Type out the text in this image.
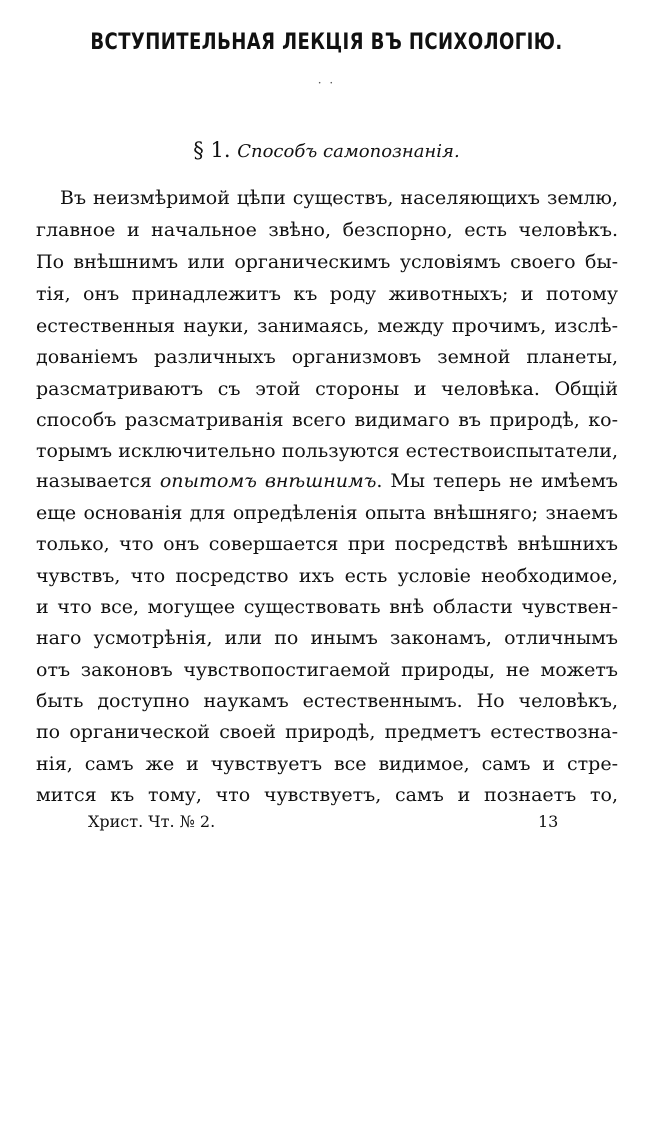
ВСТУПИТЕЛЬНАЯ ЛЕКЦІЯ ВЪ ПСИХОЛОГІЮ.
· ·
§ 1. Способъ самопознанія.
Въ неизмѣримой цѣпи существъ, населяющихъ землю,
главное и начальное звѣно, безспорно, есть человѣкъ.
По внѣшнимъ или органическимъ условіямъ своего бы-
тія, онъ принадлежитъ къ роду животныхъ; и потому
естественныя науки, занимаясь, между прочимъ, изслѣ-
дованіемъ различныхъ организмовъ земной планеты,
разсматриваютъ съ этой стороны и человѣка. Общій
способъ разсматриванія всего видимаго въ природѣ, ко-
торымъ исключительно пользуются естествоиспытатели,
называется опытомъ внѣшнимъ. Мы теперь не имѣемъ
еще основанія для опредѣленія опыта внѣшняго; знаемъ
только, что онъ совершается при посредствѣ внѣшнихъ
чувствъ, что посредство ихъ есть условіе необходимое,
и что все, могущее существовать внѣ области чувствен-
наго усмотрѣнія, или по инымъ законамъ, отличнымъ
отъ законовъ чувствопостигаемой природы, не можетъ
быть доступно наукамъ естественнымъ. Но человѣкъ,
по органической своей природѣ, предметъ естествозна-
нія, самъ же и чувствуетъ все видимое, самъ и стре-
мится къ тому, что чувствуетъ, самъ и познаетъ то,
Христ. Чт. № 2.	13
